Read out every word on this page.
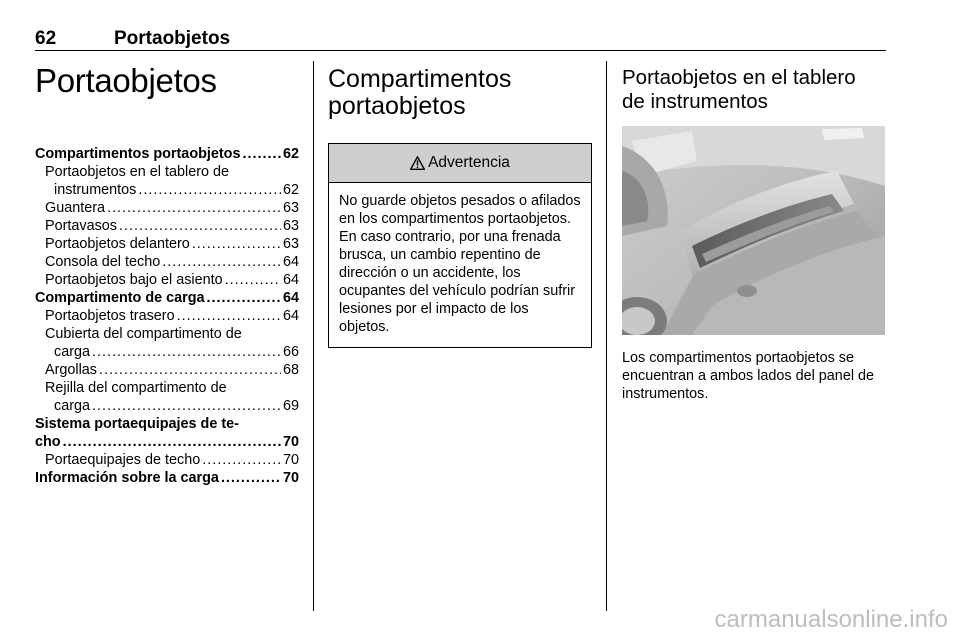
62	Portaobjetos
Portaobjetos
Compartimentos portaobjetos .....	62
Portaobjetos en el tablero de
instrumentos .....	62
Guantera .....	63
Portavasos .....	63
Portaobjetos delantero .....	63
Consola del techo .....	64
Portaobjetos bajo el asiento .....	64
Compartimento de carga .....	64
Portaobjetos trasero .....	64
Cubierta del compartimento de
carga .....	66
Argollas .....	68
Rejilla del compartimento de
carga .....	69
Sistema portaequipajes de te-
cho .....	70
Portaequipajes de techo .....	70
Información sobre la carga .....	70
Compartimentos
portaobjetos
Advertencia
No guarde objetos pesados o afilados en los compartimentos portaobjetos. En caso contrario, por una frenada brusca, un cambio repentino de dirección o un accidente, los ocupantes del vehículo podrían sufrir lesiones por el impacto de los objetos.
Portaobjetos en el tablero
de instrumentos
Los compartimentos portaobjetos se encuentran a ambos lados del panel de instrumentos.
carmanualsonline.info
